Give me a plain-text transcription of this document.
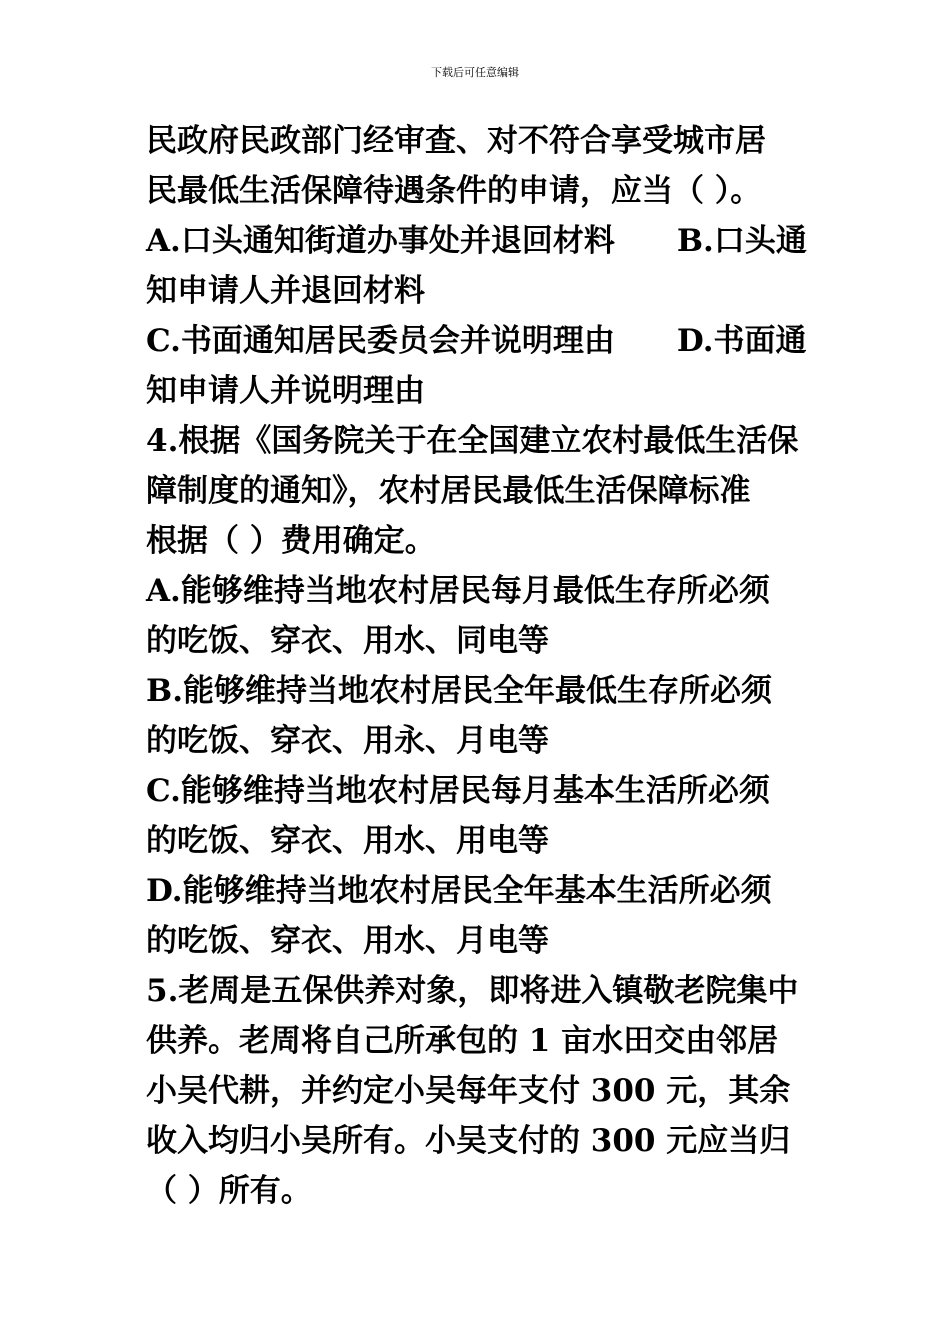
下载后可任意编辑
民政府民政部门经审查、对不符合享受城市居
民最低生活保障待遇条件的申请，应当（ ）。
A.口头通知街道办事处并退回材料　　B.口头通
知申请人并退回材料
C.书面通知居民委员会并说明理由　　D.书面通
知申请人并说明理由
4.根据《国务院关于在全国建立农村最低生活保
障制度的通知》，农村居民最低生活保障标准
根据（ ）费用确定。
A.能够维持当地农村居民每月最低生存所必须
的吃饭、穿衣、用水、同电等
B.能够维持当地农村居民全年最低生存所必须
的吃饭、穿衣、用永、月电等
C.能够维持当地农村居民每月基本生活所必须
的吃饭、穿衣、用水、用电等
D.能够维持当地农村居民全年基本生活所必须
的吃饭、穿衣、用水、月电等
5.老周是五保供养对象，即将进入镇敬老院集中
供养。老周将自己所承包的 1 亩水田交由邻居
小吴代耕，并约定小吴每年支付 300 元，其余
收入均归小吴所有。小吴支付的 300 元应当归
（ ）所有。
